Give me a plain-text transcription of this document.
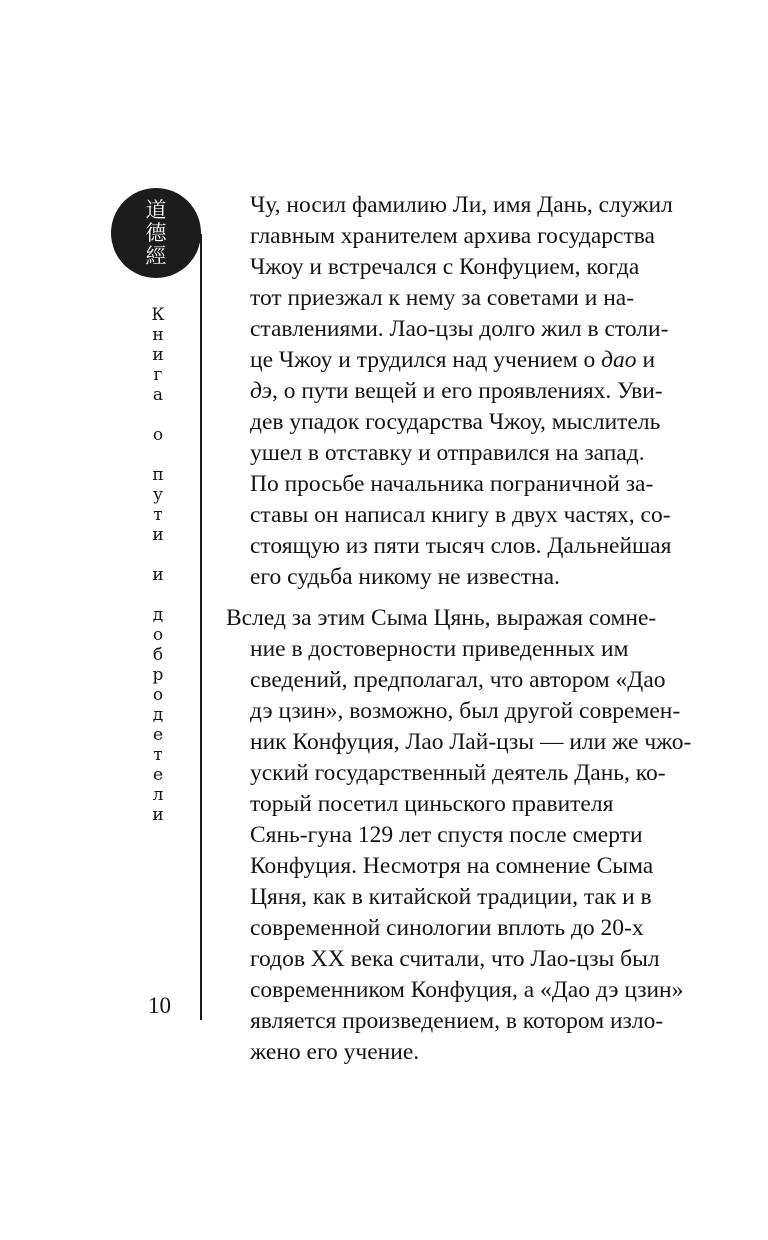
道
德
經
К
н
и
г
а
о
п
у
т
и
и
д
о
б
р
о
д
е
т
е
л
и
10
Чу, носил фамилию Ли, имя Дань, служил
главным хранителем архива государства
Чжоу и встречался с Конфуцием, когда
тот приезжал к нему за советами и на-
ставлениями. Лао-цзы долго жил в столи-
це Чжоу и трудился над учением о дао и
дэ, о пути вещей и его проявлениях. Уви-
дев упадок государства Чжоу, мыслитель
ушел в отставку и отправился на запад.
По просьбе начальника пограничной за-
ставы он написал книгу в двух частях, со-
стоящую из пяти тысяч слов. Дальнейшая
его судьба никому не известна.
Вслед за этим Сыма Цянь, выражая сомне-
ние в достоверности приведенных им
сведений, предполагал, что автором «Дао
дэ цзин», возможно, был другой современ-
ник Конфуция, Лао Лай-цзы — или же чжо-
уский государственный деятель Дань, ко-
торый посетил циньского правителя
Сянь-гуна 129 лет спустя после смерти
Конфуция. Несмотря на сомнение Сыма
Цяня, как в китайской традиции, так и в
современной синологии вплоть до 20-х
годов XX века считали, что Лао-цзы был
современником Конфуция, а «Дао дэ цзин»
является произведением, в котором изло-
жено его учение.
